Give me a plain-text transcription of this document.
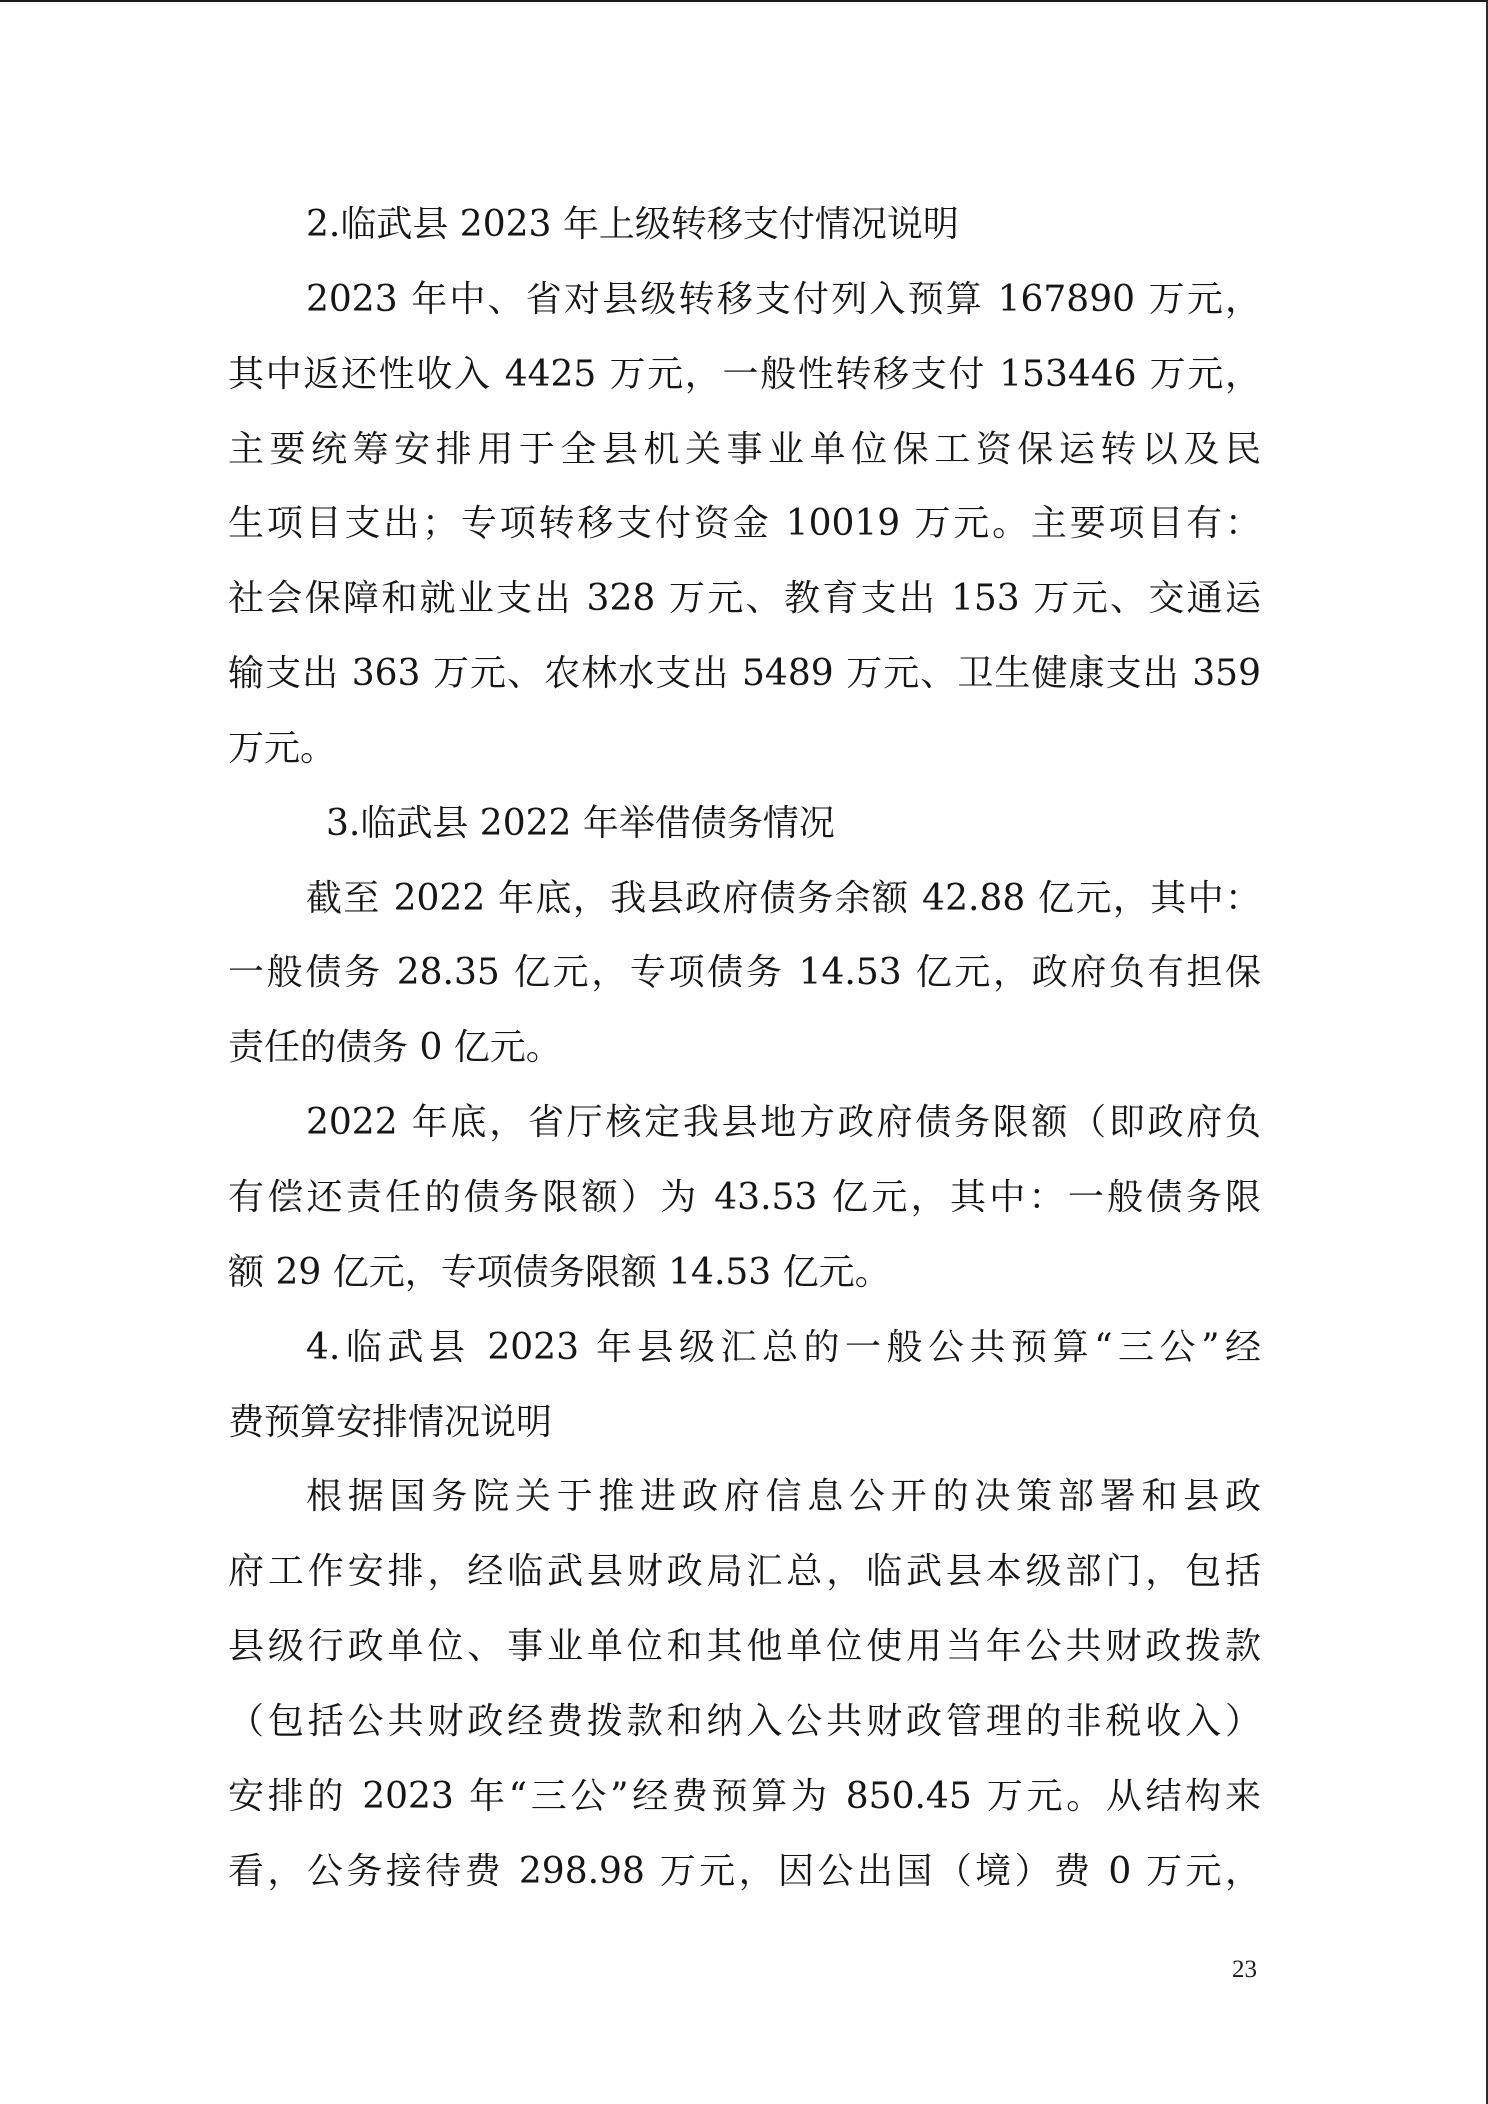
2.临武县 2023 年上级转移支付情况说明
2023 年中、省对县级转移支付列入预算 167890 万元，
其中返还性收入 4425 万元，一般性转移支付 153446 万元，
主要统筹安排用于全县机关事业单位保工资保运转以及民
生项目支出；专项转移支付资金 10019 万元。主要项目有：
社会保障和就业支出 328 万元、教育支出 153 万元、交通运
输支出 363 万元、农林水支出 5489 万元、卫生健康支出 359
万元。
3.临武县 2022 年举借债务情况
截至 2022 年底，我县政府债务余额 42.88 亿元，其中：
一般债务 28.35 亿元，专项债务 14.53 亿元，政府负有担保
责任的债务 0 亿元。
2022 年底，省厅核定我县地方政府债务限额（即政府负
有偿还责任的债务限额）为 43.53 亿元，其中：一般债务限
额 29 亿元，专项债务限额 14.53 亿元。
4.临武县 2023 年县级汇总的一般公共预算“三公”经
费预算安排情况说明
根据国务院关于推进政府信息公开的决策部署和县政
府工作安排，经临武县财政局汇总，临武县本级部门，包括
县级行政单位、事业单位和其他单位使用当年公共财政拨款
（包括公共财政经费拨款和纳入公共财政管理的非税收入）
安排的 2023 年“三公”经费预算为 850.45 万元。从结构来
看，公务接待费 298.98 万元，因公出国（境）费 0 万元，
23
